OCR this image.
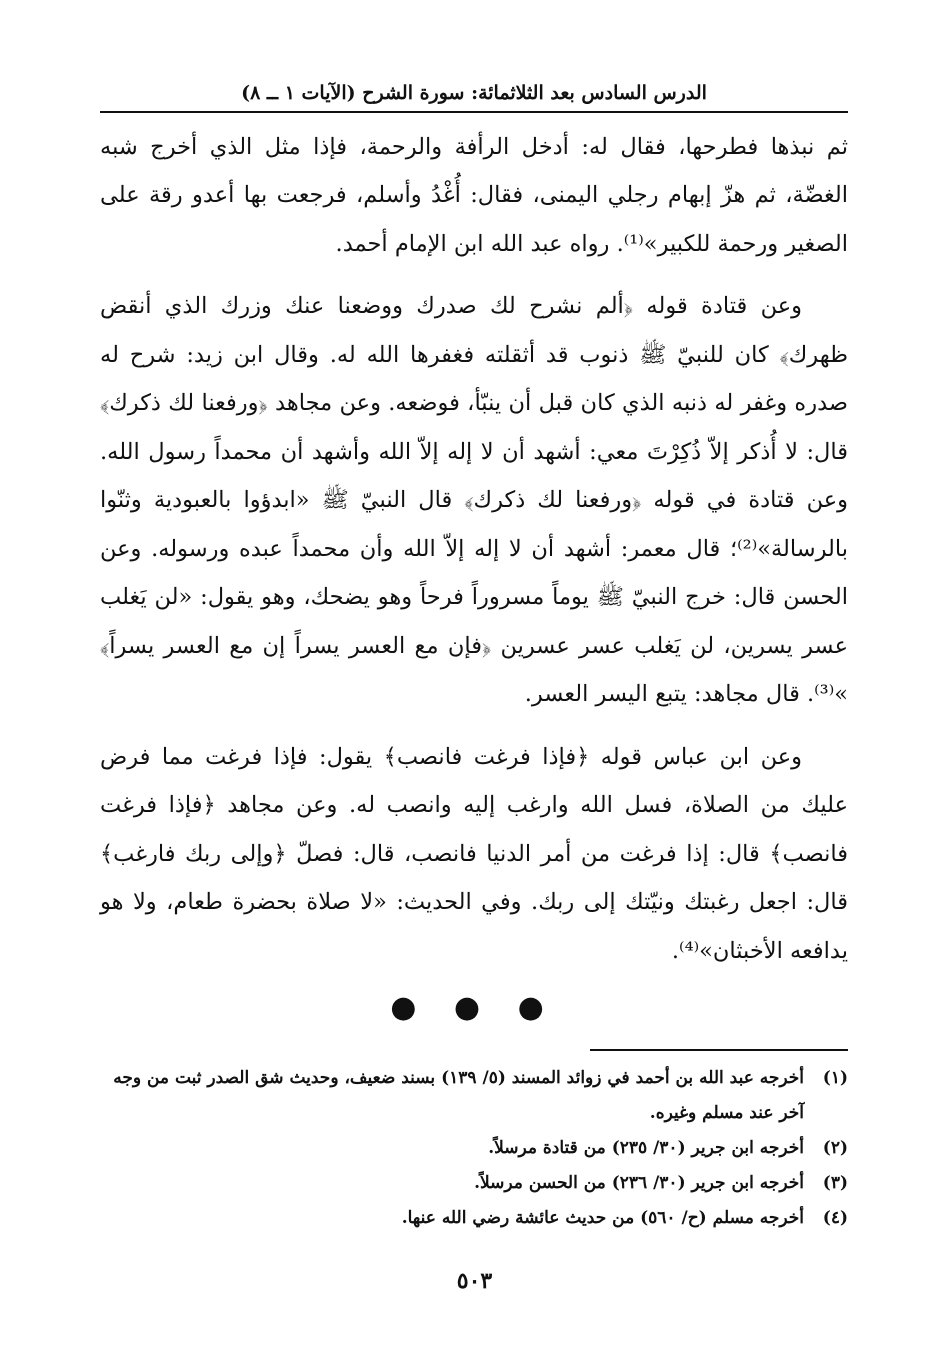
الدرس السادس بعد الثلاثمائة: سورة الشرح (الآيات ١ ــ ٨)

ثم نبذها فطرحها، فقال له: أدخل الرأفة والرحمة، فإذا مثل الذي أخرج شبه الغضّة، ثم هزّ إبهام رجلي اليمنى، فقال: أُغْدُ وأسلم، فرجعت بها أعدو رقة على الصغير ورحمة للكبير»⁽¹⁾. رواه عبد الله ابن الإمام أحمد.

وعن قتادة قوله ﴿ألم نشرح لك صدرك ووضعنا عنك وزرك الذي أنقض ظهرك﴾ كان للنبيّ ﷺ ذنوب قد أثقلته فغفرها الله له. وقال ابن زيد: شرح له صدره وغفر له ذنبه الذي كان قبل أن ينبّأ، فوضعه. وعن مجاهد ﴿ورفعنا لك ذكرك﴾ قال: لا أُذكر إلاّ ذُكِرْتَ معي: أشهد أن لا إله إلاّ الله وأشهد أن محمداً رسول الله. وعن قتادة في قوله ﴿ورفعنا لك ذكرك﴾ قال النبيّ ﷺ «ابدؤوا بالعبودية وثنّوا بالرسالة»⁽²⁾؛ قال معمر: أشهد أن لا إله إلاّ الله وأن محمداً عبده ورسوله. وعن الحسن قال: خرج النبيّ ﷺ يوماً مسروراً فرحاً وهو يضحك، وهو يقول: «لن يَغلب عسر يسرين، لن يَغلب عسر عسرين ﴿فإن مع العسر يسراً إن مع العسر يسراً﴾ »⁽³⁾. قال مجاهد: يتبع اليسر العسر.

وعن ابن عباس قوله ﴿فإذا فرغت فانصب﴾ يقول: فإذا فرغت مما فرض عليك من الصلاة، فسل الله وارغب إليه وانصب له. وعن مجاهد ﴿فإذا فرغت فانصب﴾ قال: إذا فرغت من أمر الدنيا فانصب، قال: فصلّ ﴿وإلى ربك فارغب﴾ قال: اجعل رغبتك ونيّتك إلى ربك. وفي الحديث: «لا صلاة بحضرة طعام، ولا هو يدافعه الأخبثان»⁽⁴⁾.

● ● ●
(١)
أخرجه عبد الله بن أحمد في زوائد المسند (٥/ ١٣٩) بسند ضعيف، وحديث شق الصدر ثبت من وجه آخر عند مسلم وغيره.
(٢)
أخرجه ابن جرير (٣٠/ ٢٣٥) من قتادة مرسلاً.
(٣)
أخرجه ابن جرير (٣٠/ ٢٣٦) من الحسن مرسلاً.
(٤)
أخرجه مسلم (ح/ ٥٦٠) من حديث عائشة رضي الله عنها.
٥٠٣
